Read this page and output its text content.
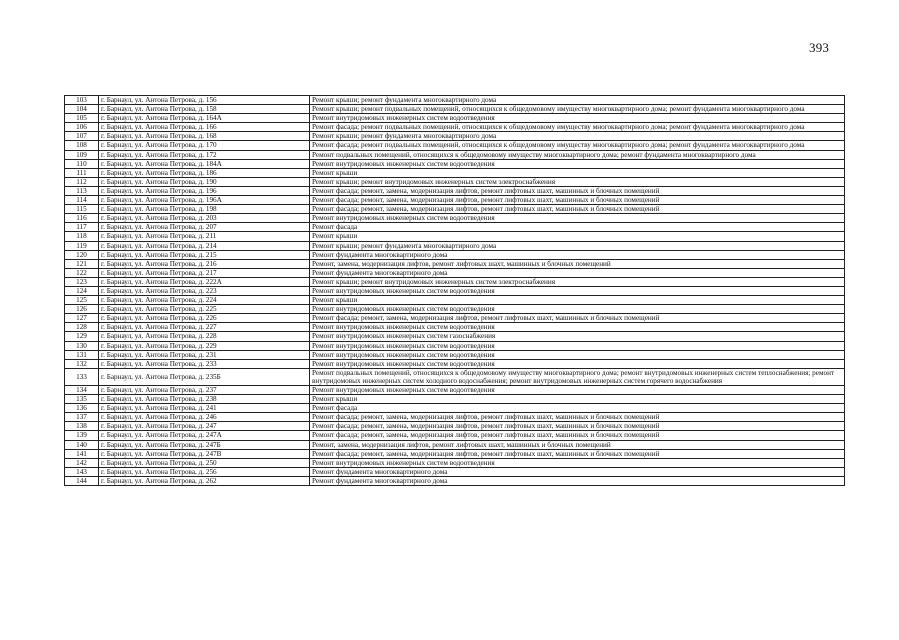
393
103	г. Барнаул, ул. Антона Петрова, д. 156	Ремонт крыши; ремонт фундамента многоквартирного дома
104	г. Барнаул, ул. Антона Петрова, д. 158	Ремонт крыши; ремонт подвальных помещений, относящихся к общедомовому имуществу многоквартирного дома; ремонт фундамента многоквартирного дома
105	г. Барнаул, ул. Антона Петрова, д. 164А	Ремонт внутридомовых инженерных систем водоотведения
106	г. Барнаул, ул. Антона Петрова, д. 166	Ремонт фасада; ремонт подвальных помещений, относящихся к общедомовому имуществу многоквартирного дома; ремонт фундамента многоквартирного дома
107	г. Барнаул, ул. Антона Петрова, д. 168	Ремонт крыши; ремонт фундамента многоквартирного дома
108	г. Барнаул, ул. Антона Петрова, д. 170	Ремонт фасада; ремонт подвальных помещений, относящихся к общедомовому имуществу многоквартирного дома; ремонт фундамента многоквартирного дома
109	г. Барнаул, ул. Антона Петрова, д. 172	Ремонт подвальных помещений, относящихся к общедомовому имуществу многоквартирного дома; ремонт фундамента многоквартирного дома
110	г. Барнаул, ул. Антона Петрова, д. 184А	Ремонт внутридомовых инженерных систем водоотведения
111	г. Барнаул, ул. Антона Петрова, д. 186	Ремонт крыши
112	г. Барнаул, ул. Антона Петрова, д. 190	Ремонт крыши; ремонт внутридомовых инженерных систем электроснабжения
113	г. Барнаул, ул. Антона Петрова, д. 196	Ремонт фасада; ремонт, замена, модернизация лифтов, ремонт лифтовых шахт, машинных и блочных помещений
114	г. Барнаул, ул. Антона Петрова, д. 196А	Ремонт фасада; ремонт, замена, модернизация лифтов, ремонт лифтовых шахт, машинных и блочных помещений
115	г. Барнаул, ул. Антона Петрова, д. 198	Ремонт фасада; ремонт, замена, модернизация лифтов, ремонт лифтовых шахт, машинных и блочных помещений
116	г. Барнаул, ул. Антона Петрова, д. 203	Ремонт внутридомовых инженерных систем водоотведения
117	г. Барнаул, ул. Антона Петрова, д. 207	Ремонт фасада
118	г. Барнаул, ул. Антона Петрова, д. 211	Ремонт крыши
119	г. Барнаул, ул. Антона Петрова, д. 214	Ремонт крыши; ремонт фундамента многоквартирного дома
120	г. Барнаул, ул. Антона Петрова, д. 215	Ремонт фундамента многоквартирного дома
121	г. Барнаул, ул. Антона Петрова, д. 216	Ремонт, замена, модернизация лифтов, ремонт лифтовых шахт, машинных и блочных помещений
122	г. Барнаул, ул. Антона Петрова, д. 217	Ремонт фундамента многоквартирного дома
123	г. Барнаул, ул. Антона Петрова, д. 222А	Ремонт крыши; ремонт внутридомовых инженерных систем электроснабжения
124	г. Барнаул, ул. Антона Петрова, д. 223	Ремонт внутридомовых инженерных систем водоотведения
125	г. Барнаул, ул. Антона Петрова, д. 224	Ремонт крыши
126	г. Барнаул, ул. Антона Петрова, д. 225	Ремонт внутридомовых инженерных систем водоотведения
127	г. Барнаул, ул. Антона Петрова, д. 226	Ремонт фасада; ремонт, замена, модернизация лифтов, ремонт лифтовых шахт, машинных и блочных помещений
128	г. Барнаул, ул. Антона Петрова, д. 227	Ремонт внутридомовых инженерных систем водоотведения
129	г. Барнаул, ул. Антона Петрова, д. 228	Ремонт внутридомовых инженерных систем газоснабжения
130	г. Барнаул, ул. Антона Петрова, д. 229	Ремонт внутридомовых инженерных систем водоотведения
131	г. Барнаул, ул. Антона Петрова, д. 231	Ремонт внутридомовых инженерных систем водоотведения
132	г. Барнаул, ул. Антона Петрова, д. 233	Ремонт внутридомовых инженерных систем водоотведения
133	г. Барнаул, ул. Антона Петрова, д. 235Б	Ремонт подвальных помещений, относящихся к общедомовому имуществу многоквартирного дома; ремонт внутридомовых инженерных систем теплоснабжения; ремонт внутридомовых инженерных систем холодного водоснабжения; ремонт внутридомовых инженерных систем горячего водоснабжения
134	г. Барнаул, ул. Антона Петрова, д. 237	Ремонт внутридомовых инженерных систем водоотведения
135	г. Барнаул, ул. Антона Петрова, д. 238	Ремонт крыши
136	г. Барнаул, ул. Антона Петрова, д. 241	Ремонт фасада
137	г. Барнаул, ул. Антона Петрова, д. 246	Ремонт фасада; ремонт, замена, модернизация лифтов, ремонт лифтовых шахт, машинных и блочных помещений
138	г. Барнаул, ул. Антона Петрова, д. 247	Ремонт фасада; ремонт, замена, модернизация лифтов, ремонт лифтовых шахт, машинных и блочных помещений
139	г. Барнаул, ул. Антона Петрова, д. 247А	Ремонт фасада; ремонт, замена, модернизация лифтов, ремонт лифтовых шахт, машинных и блочных помещений
140	г. Барнаул, ул. Антона Петрова, д. 247Б	Ремонт, замена, модернизация лифтов, ремонт лифтовых шахт, машинных и блочных помещений
141	г. Барнаул, ул. Антона Петрова, д. 247В	Ремонт фасада; ремонт, замена, модернизация лифтов, ремонт лифтовых шахт, машинных и блочных помещений
142	г. Барнаул, ул. Антона Петрова, д. 250	Ремонт внутридомовых инженерных систем водоотведения
143	г. Барнаул, ул. Антона Петрова, д. 256	Ремонт фундамента многоквартирного дома
144	г. Барнаул, ул. Антона Петрова, д. 262	Ремонт фундамента многоквартирного дома
